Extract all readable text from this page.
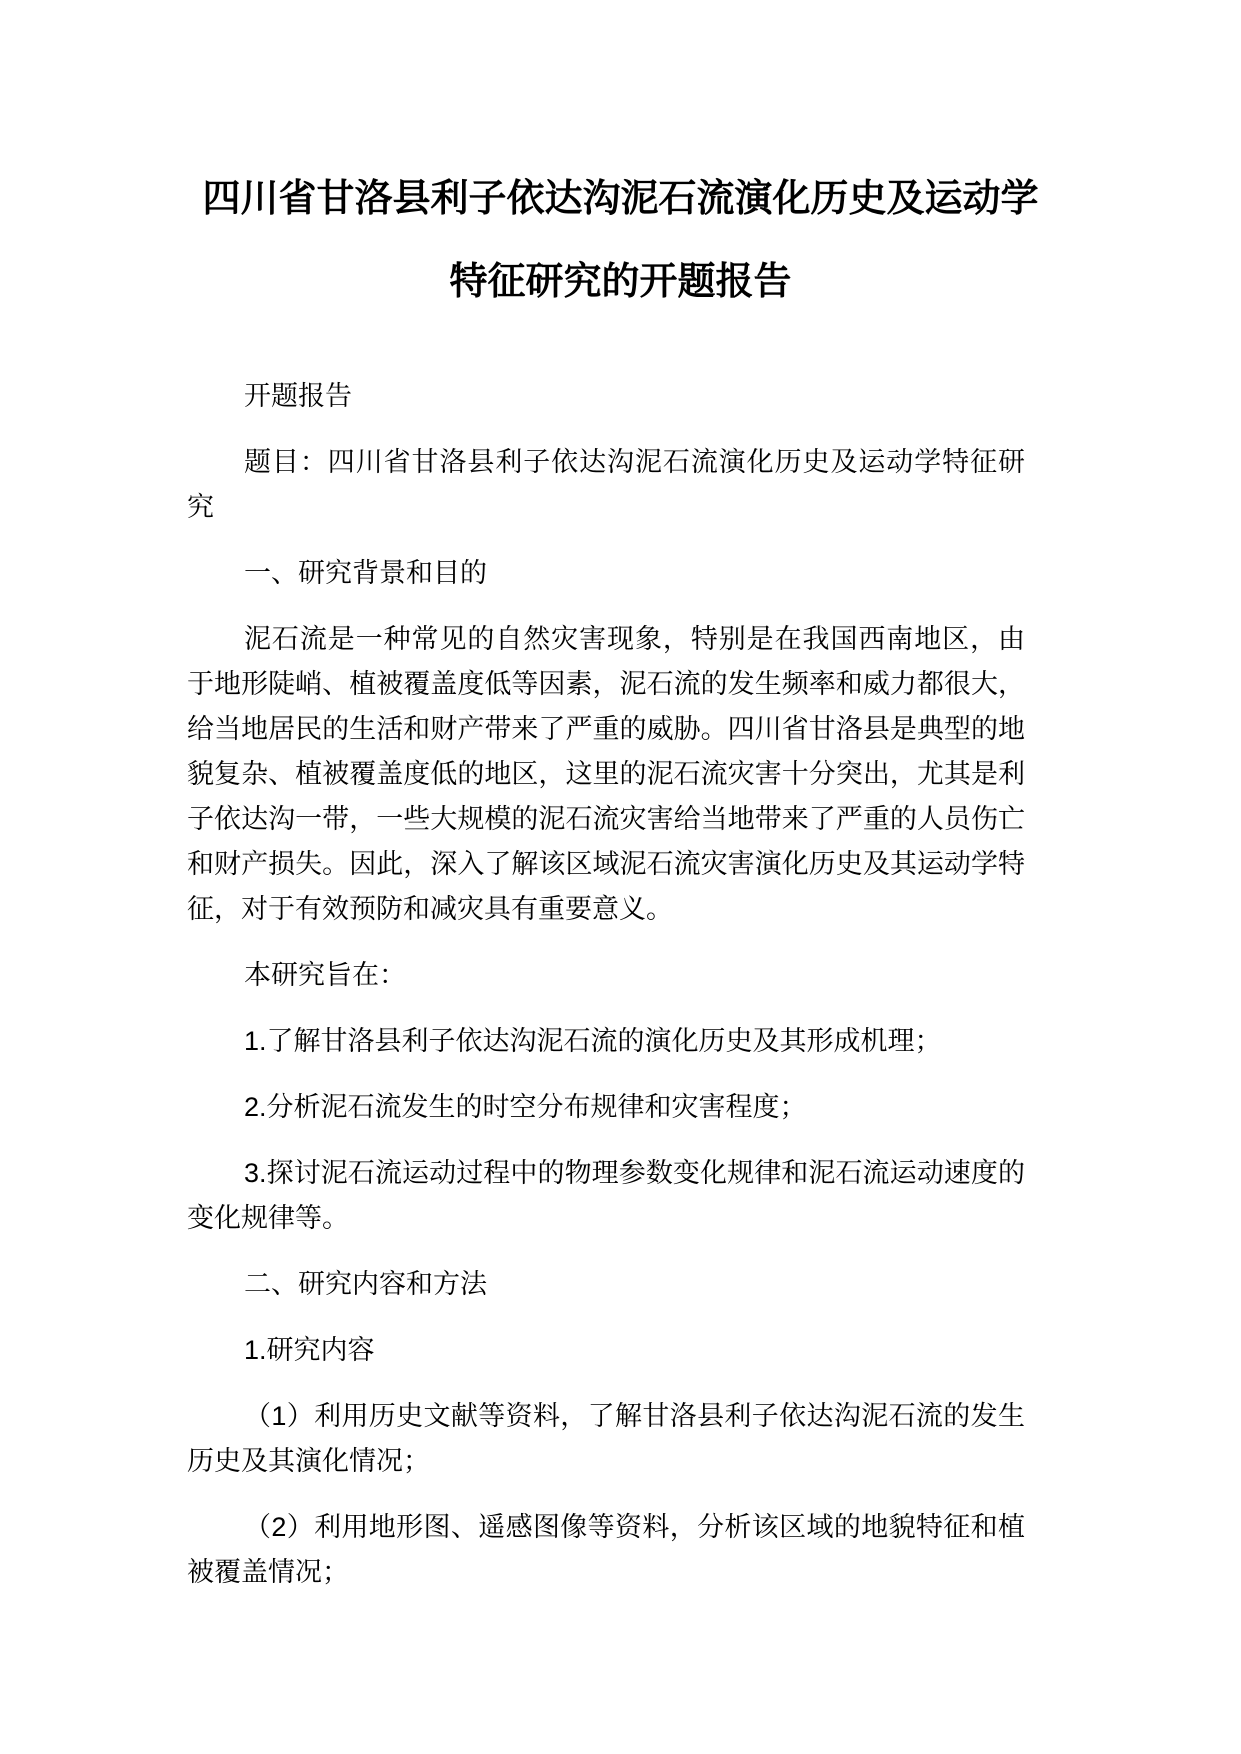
四川省甘洛县利子依达沟泥石流演化历史及运动学
特征研究的开题报告

开题报告

题目：四川省甘洛县利子依达沟泥石流演化历史及运动学特征研究

一、研究背景和目的

泥石流是一种常见的自然灾害现象，特别是在我国西南地区，由于地形陡峭、植被覆盖度低等因素，泥石流的发生频率和威力都很大，给当地居民的生活和财产带来了严重的威胁。四川省甘洛县是典型的地貌复杂、植被覆盖度低的地区，这里的泥石流灾害十分突出，尤其是利子依达沟一带，一些大规模的泥石流灾害给当地带来了严重的人员伤亡和财产损失。因此，深入了解该区域泥石流灾害演化历史及其运动学特征，对于有效预防和减灾具有重要意义。

本研究旨在：

1.了解甘洛县利子依达沟泥石流的演化历史及其形成机理；

2.分析泥石流发生的时空分布规律和灾害程度；

3.探讨泥石流运动过程中的物理参数变化规律和泥石流运动速度的变化规律等。

二、研究内容和方法

1.研究内容

（1）利用历史文献等资料，了解甘洛县利子依达沟泥石流的发生历史及其演化情况；

（2）利用地形图、遥感图像等资料，分析该区域的地貌特征和植被覆盖情况；
